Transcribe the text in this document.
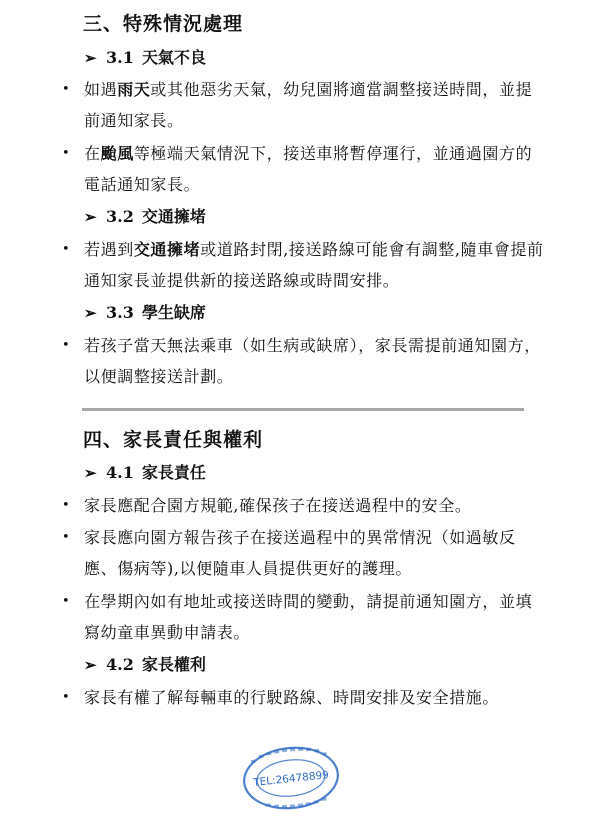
三、特殊情況處理
➢ 3.1 天氣不良
• 如遇雨天或其他惡劣天氣，幼兒園將適當調整接送時間，並提前通知家長。
• 在颱風等極端天氣情況下，接送車將暫停運行，並通過園方的電話通知家長。
➢ 3.2 交通擁堵
• 若遇到交通擁堵或道路封閉,接送路線可能會有調整,隨車會提前通知家長並提供新的接送路線或時間安排。
➢ 3.3 學生缺席
• 若孩子當天無法乘車（如生病或缺席），家長需提前通知園方，以便調整接送計劃。
四、家長責任與權利
➢ 4.1 家長責任
• 家長應配合園方規範,確保孩子在接送過程中的安全。
• 家長應向園方報告孩子在接送過程中的異常情況（如過敏反應、傷病等),以便隨車人員提供更好的護理。
• 在學期內如有地址或接送時間的變動，請提前通知園方，並填寫幼童車異動申請表。
➢ 4.2 家長權利
• 家長有權了解每輛車的行駛路線、時間安排及安全措施。
TEL:26478899
